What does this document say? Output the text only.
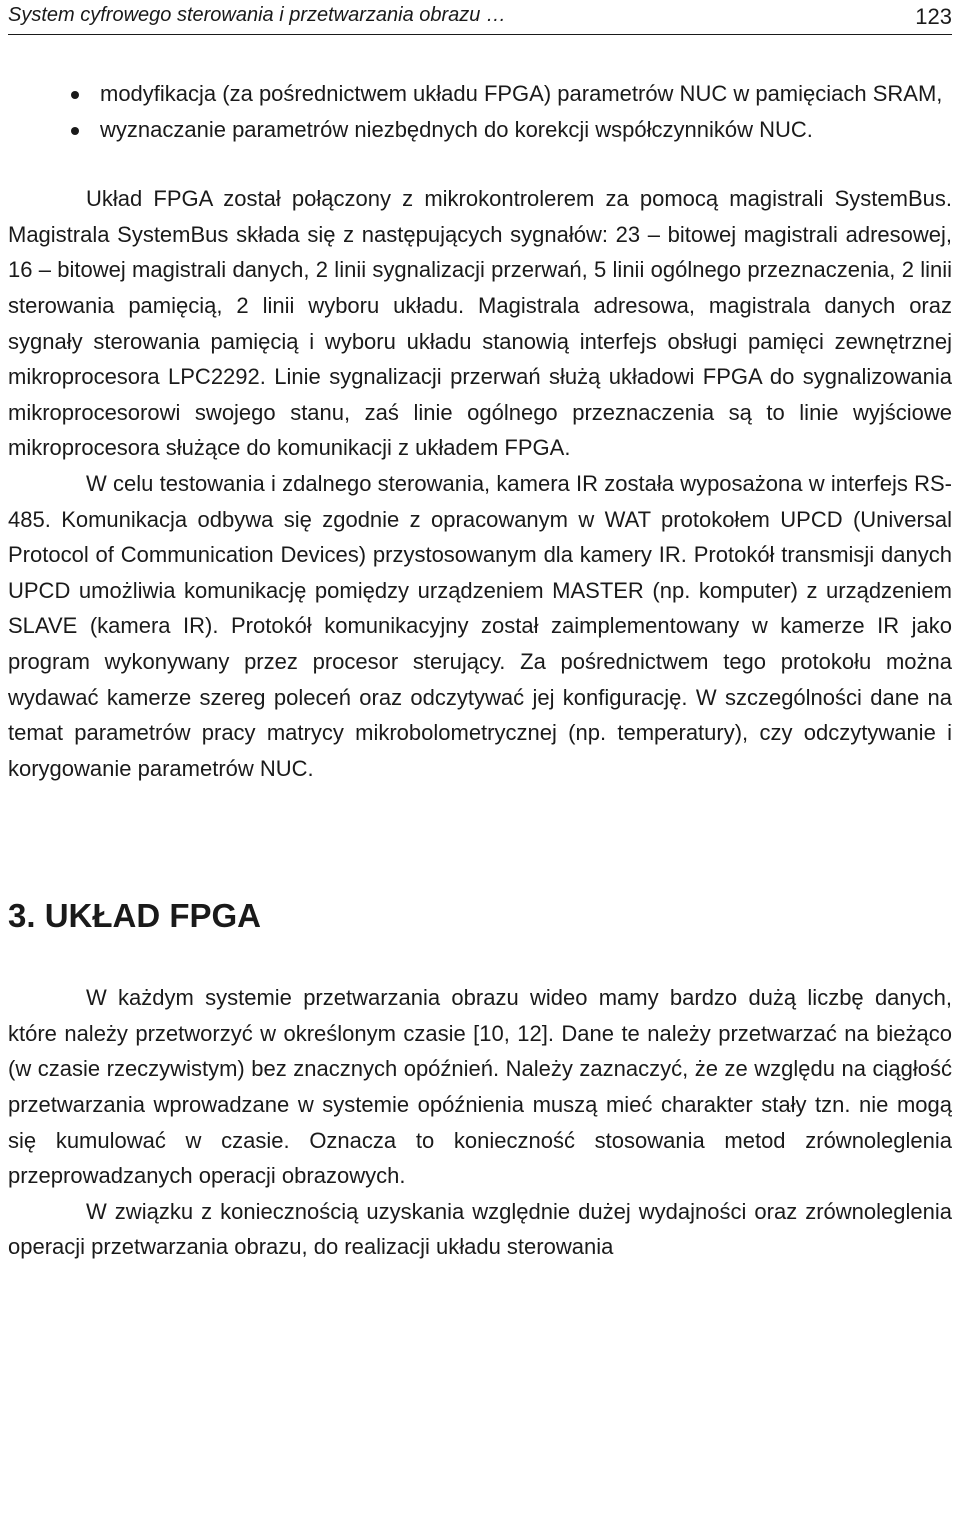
System cyfrowego sterowania i przetwarzania obrazu …	123
modyfikacja (za pośrednictwem układu FPGA) parametrów NUC w pamięciach SRAM,
wyznaczanie parametrów niezbędnych do korekcji współczynników NUC.

Układ FPGA został połączony z mikrokontrolerem za pomocą magistrali SystemBus. Magistrala SystemBus składa się z następujących sygnałów: 23 – bitowej magistrali adresowej, 16 – bitowej magistrali danych, 2 linii sygnalizacji przerwań, 5 linii ogólnego przeznaczenia, 2 linii sterowania pamięcią, 2 linii wyboru układu. Magistrala adresowa, magistrala danych oraz sygnały sterowania pamięcią i wyboru układu stanowią interfejs obsługi pamięci zewnętrznej mikroprocesora LPC2292. Linie sygnalizacji przerwań służą układowi FPGA do sygnalizowania mikroprocesorowi swojego stanu, zaś linie ogólnego przeznaczenia są to linie wyjściowe mikroprocesora służące do komunikacji z układem FPGA.

W celu testowania i zdalnego sterowania, kamera IR została wyposażona w interfejs RS-485. Komunikacja odbywa się zgodnie z opracowanym w WAT protokołem UPCD (Universal Protocol of Communication Devices) przystosowanym dla kamery IR. Protokół transmisji danych UPCD umożliwia komunikację pomiędzy urządzeniem MASTER (np. komputer) z urządzeniem SLAVE (kamera IR). Protokół komunikacyjny został zaimplementowany w kamerze IR jako program wykonywany przez procesor sterujący. Za pośrednictwem tego protokołu można wydawać kamerze szereg poleceń oraz odczytywać jej konfigurację. W szczególności dane na temat parametrów pracy matrycy mikrobolometrycznej (np. temperatury), czy odczytywanie i korygowanie parametrów NUC.

3. UKŁAD FPGA

W każdym systemie przetwarzania obrazu wideo mamy bardzo dużą liczbę danych, które należy przetworzyć w określonym czasie [10, 12]. Dane te należy przetwarzać na bieżąco (w czasie rzeczywistym) bez znacznych opóźnień. Należy zaznaczyć, że ze względu na ciągłość przetwarzania wprowadzane w systemie opóźnienia muszą mieć charakter stały tzn. nie mogą się kumulować w czasie. Oznacza to konieczność stosowania metod zrównoleglenia przeprowadzanych operacji obrazowych.

W związku z koniecznością uzyskania względnie dużej wydajności oraz zrównoleglenia operacji przetwarzania obrazu, do realizacji układu sterowania
